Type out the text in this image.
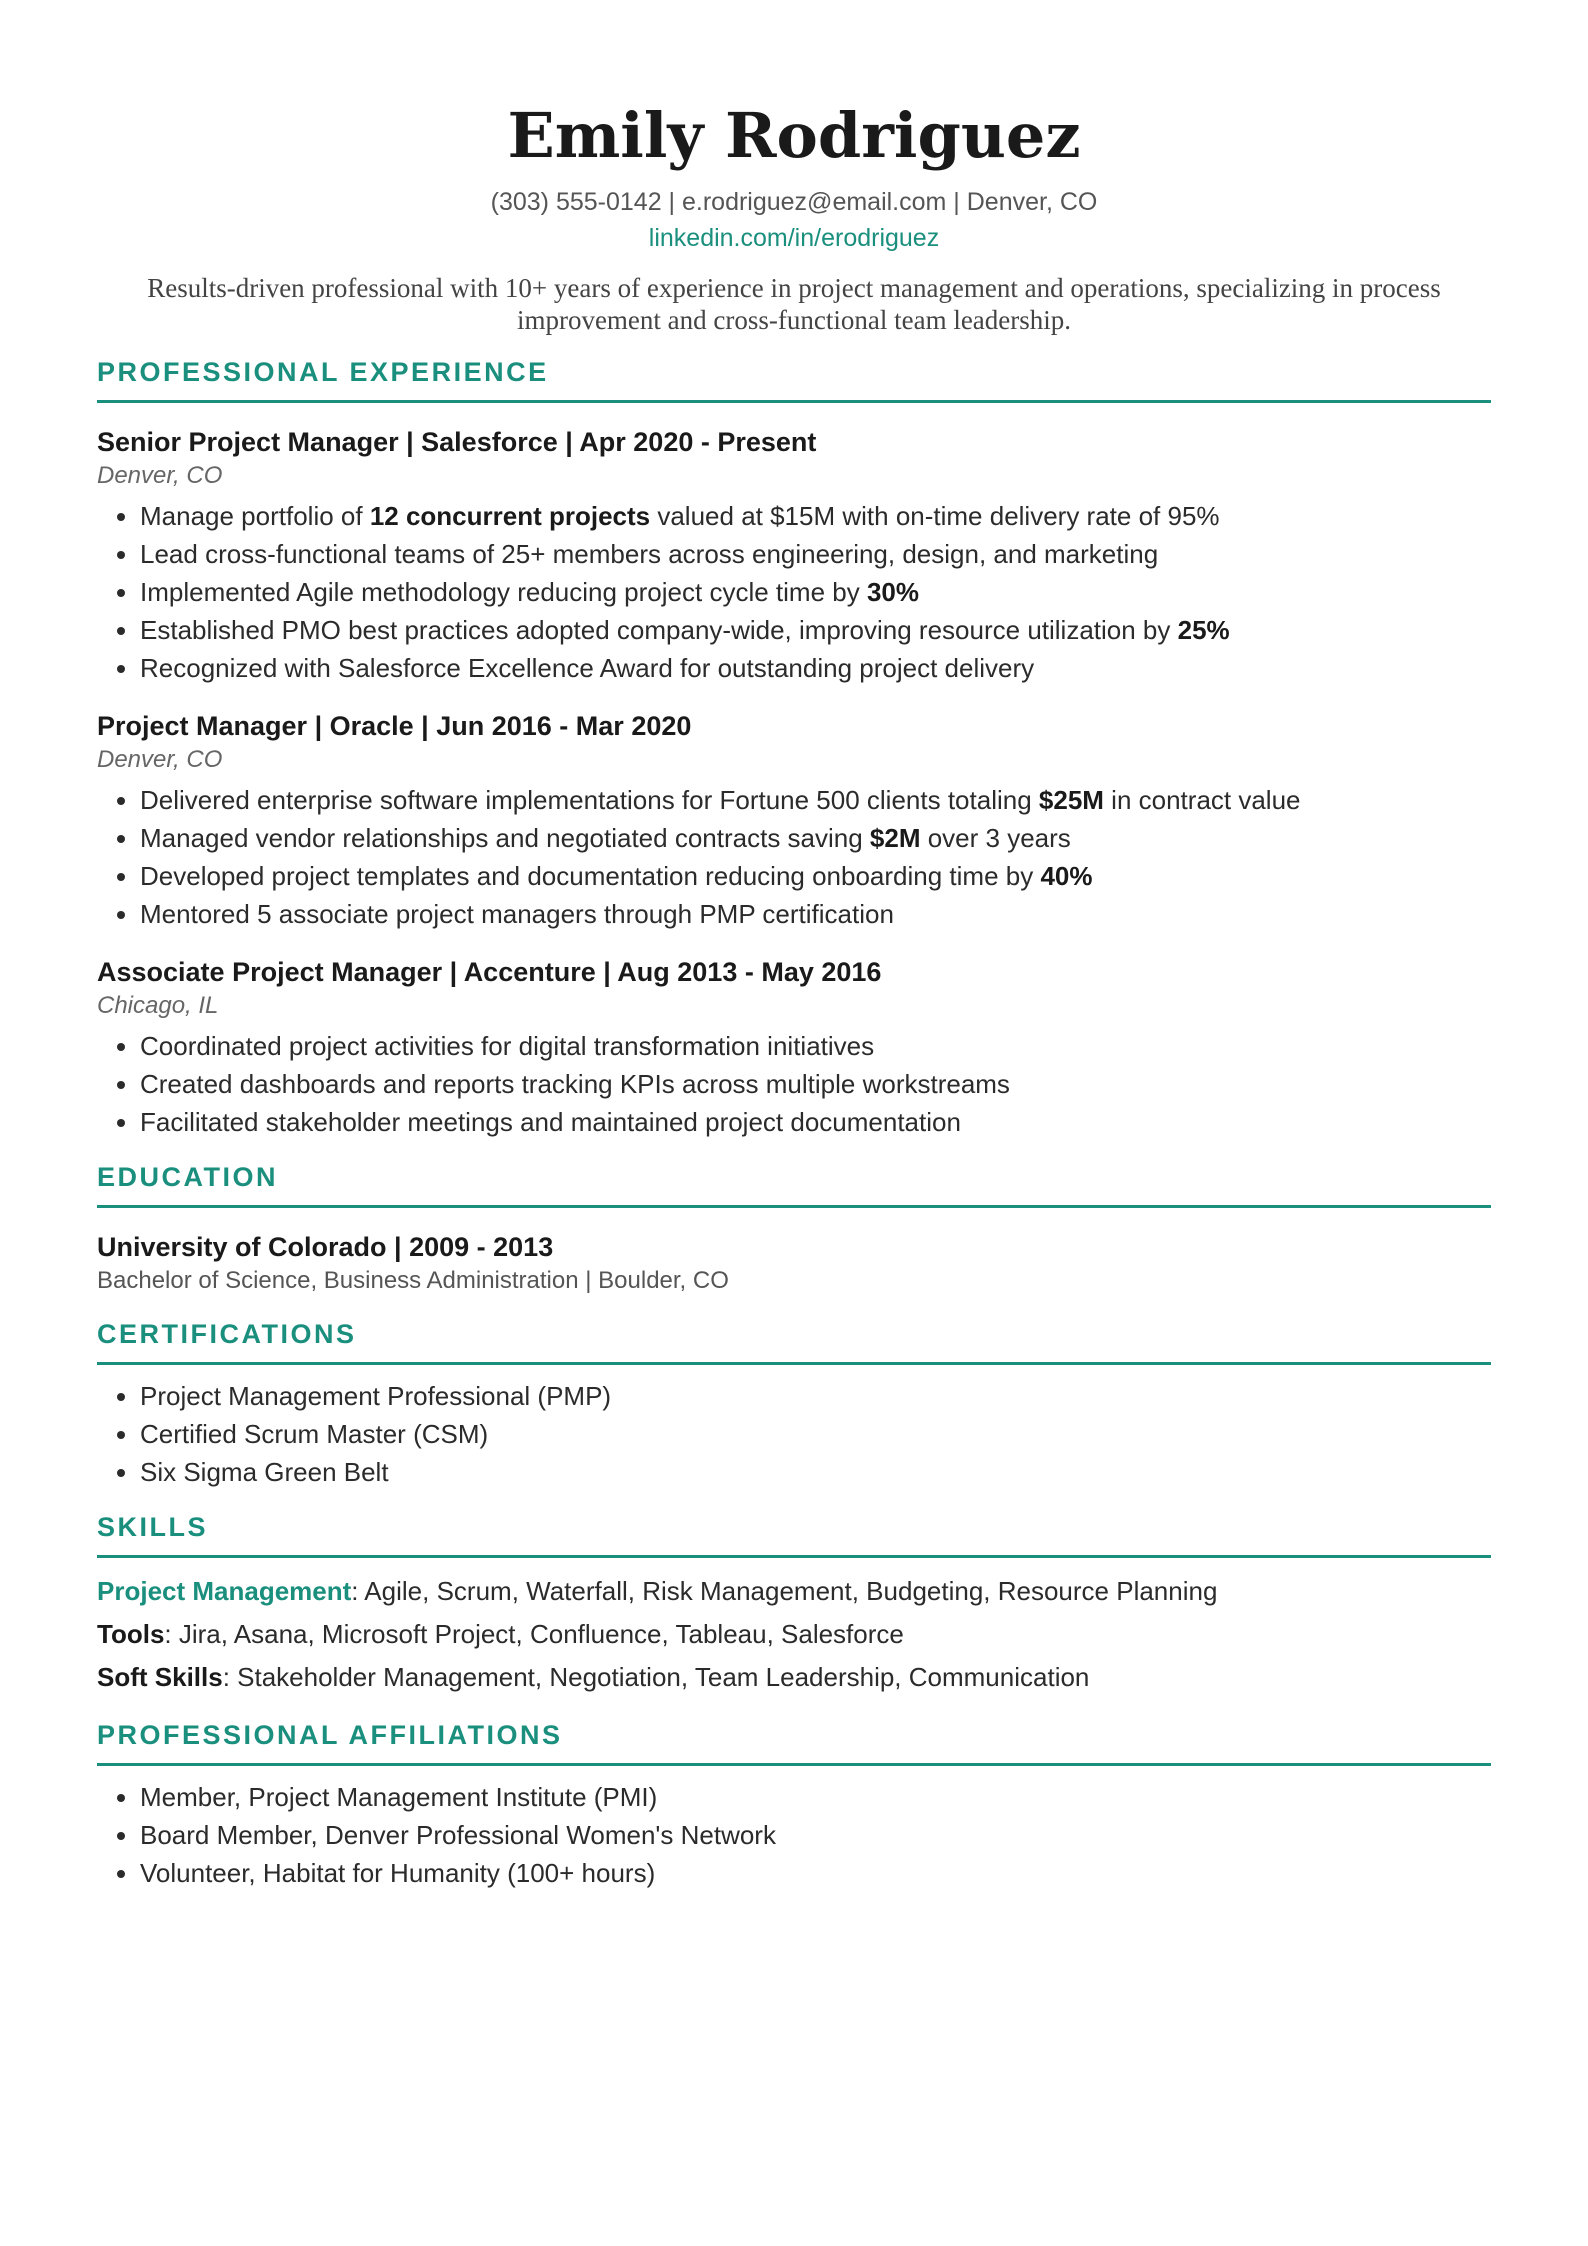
Emily Rodriguez
(303) 555-0142 | e.rodriguez@email.com | Denver, CO
linkedin.com/in/erodriguez
Results-driven professional with 10+ years of experience in project management and operations, specializing in process improvement and cross-functional team leadership.
PROFESSIONAL EXPERIENCE
Senior Project Manager | Salesforce | Apr 2020 - Present
Denver, CO
• Manage portfolio of 12 concurrent projects valued at $15M with on-time delivery rate of 95%
• Lead cross-functional teams of 25+ members across engineering, design, and marketing
• Implemented Agile methodology reducing project cycle time by 30%
• Established PMO best practices adopted company-wide, improving resource utilization by 25%
• Recognized with Salesforce Excellence Award for outstanding project delivery
Project Manager | Oracle | Jun 2016 - Mar 2020
Denver, CO
• Delivered enterprise software implementations for Fortune 500 clients totaling $25M in contract value
• Managed vendor relationships and negotiated contracts saving $2M over 3 years
• Developed project templates and documentation reducing onboarding time by 40%
• Mentored 5 associate project managers through PMP certification
Associate Project Manager | Accenture | Aug 2013 - May 2016
Chicago, IL
• Coordinated project activities for digital transformation initiatives
• Created dashboards and reports tracking KPIs across multiple workstreams
• Facilitated stakeholder meetings and maintained project documentation
EDUCATION
University of Colorado | 2009 - 2013
Bachelor of Science, Business Administration | Boulder, CO
CERTIFICATIONS
• Project Management Professional (PMP)
• Certified Scrum Master (CSM)
• Six Sigma Green Belt
SKILLS
Project Management: Agile, Scrum, Waterfall, Risk Management, Budgeting, Resource Planning
Tools: Jira, Asana, Microsoft Project, Confluence, Tableau, Salesforce
Soft Skills: Stakeholder Management, Negotiation, Team Leadership, Communication
PROFESSIONAL AFFILIATIONS
• Member, Project Management Institute (PMI)
• Board Member, Denver Professional Women's Network
• Volunteer, Habitat for Humanity (100+ hours)
